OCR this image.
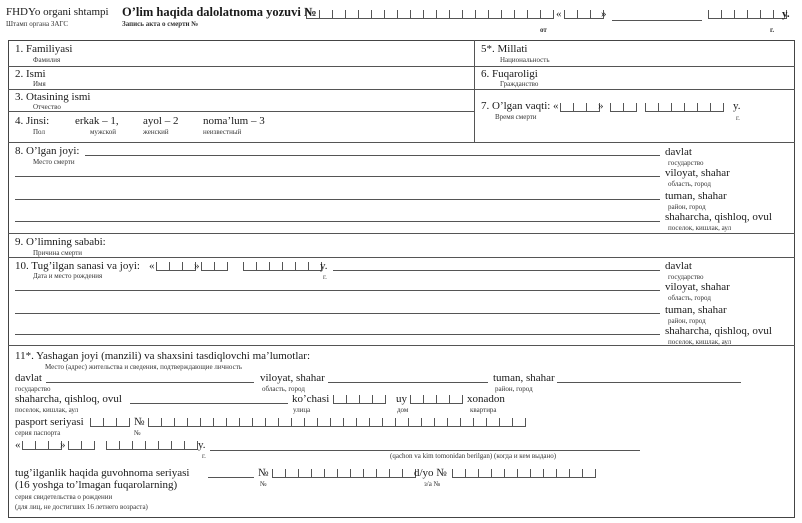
FHDYo organi shtampi
Штамп органа ЗАГС
O’lim haqida dalolatnoma yozuvi №
Запись акта о смерти №
«	»	y.
от	г.
1. Familiyasi
Фамилия
5*. Millati
Национальность
2. Ismi
Имя
6. Fuqaroligi
Гражданство
3. Otasining ismi
Отчество	7. O’lgan vaqti:
Время смерти
«	»	y.
г.
4. Jinsi:
Пол
erkak – 1,
мужской
ayol – 2
женский
noma’lum – 3
неизвестный
8. O’lgan joyi:
Место смерти
davlat
государство
viloyat, shahar
область, город
tuman, shahar
район, город
shaharcha, qishloq, ovul
поселок, кишлак, аул
9. O’limning sababi:
Причина смерти
10. Tug’ilgan sanasi va joyi:
Дата и место рождения
«	»	y.
г.
davlat
государство
viloyat, shahar
область, город
tuman, shahar
район, город
shaharcha, qishloq, ovul
поселок, кишлак, аул
11*. Yashagan joyi (manzili) va shaxsini tasdiqlovchi ma’lumotlar:
Место (адрес) жительства и сведения, подтверждающие личность
davlat
государство
viloyat, shahar
область, город
tuman, shahar
район, город
shaharcha, qishloq, ovul
поселок, кишлак, аул
ko’chasi
улица
uy
дом
xonadon
квартира
pasport seriyasi
серия паспорта
№
№
«	»	y.
г.	(qachon va kim tomonidan berilgan) (когда и кем выдано)
tug’ilganlik haqida guvohnoma seriyasi
(16 yoshga to’lmagan fuqarolarning)
серия свидетельства о рождении
(для лиц, не достигших 16 летнего возраста)
№
№
d/yo №
з/а №
